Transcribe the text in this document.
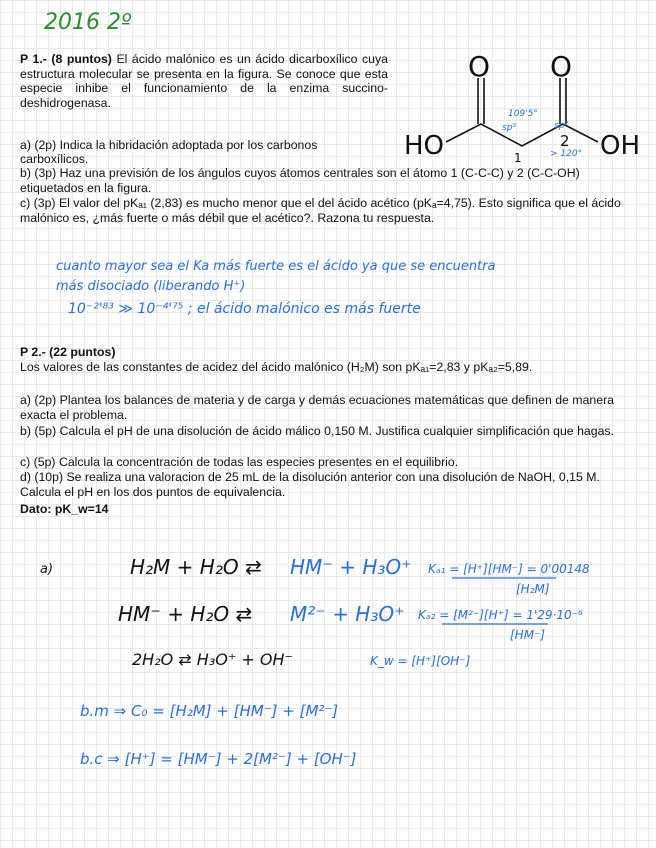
2016 2º

P 1.- (8 puntos) El ácido malónico es un ácido dicarboxílico cuya estructura molecular se presenta en la figura. Se conoce que esta especie inhibe el funcionamiento de la enzima succino-deshidrogenasa.

a) (2p) Indica la hibridación adoptada por los carbonos

carboxílicos.

b) (3p) Haz una previsión de los ángulos cuyos átomos centrales son el átomo 1 (C-C-C) y 2 (C-C-OH) etiquetados en la figura.

c) (3p) El valor del pKₐ₁ (2,83) es mucho menor que el del ácido acético (pKₐ=4,75). Esto significa que el ácido malónico es, ¿más fuerte o más débil que el acético?. Razona tu respuesta.

O O
HO	OH
1
2
sp³	sp²
109'5°
> 120°
cuanto mayor sea el Ka más fuerte es el ácido ya que se encuentra
más disociado (liberando H⁺)
10⁻²'⁸³ ≫ 10⁻⁴'⁷⁵ ; el ácido malónico es más fuerte

P 2.- (22 puntos)

Los valores de las constantes de acidez del ácido malónico (H₂M) son pKₐ₁=2,83 y pKₐ₂=5,89.

a) (2p) Plantea los balances de materia y de carga y demás ecuaciones matemáticas que definen de manera exacta el problema.

b) (5p) Calcula el pH de una disolución de ácido málico 0,150 M. Justifica cualquier simplificación que hagas.

c) (5p) Calcula la concentración de todas las especies presentes en el equilibrio.

d) (10p) Se realiza una valoracion de 25 mL de la disolución anterior con una disolución de NaOH, 0,15 M. Calcula el pH en los dos puntos de equivalencia.

Dato: pK_w=14

a)	H₂M + H₂O ⇄ HM⁻ + H₃O⁺ Kₐ₁ = [H⁺][HM⁻] = 0'00148
[H₂M]
HM⁻ + H₂O ⇄ M²⁻ + H₃O⁺ Kₐ₂ = [M²⁻][H⁺] = 1'29·10⁻⁶
[HM⁻]
2H₂O ⇄ H₃O⁺ + OH⁻	K_w = [H⁺][OH⁻]
b.m ⇒ C₀ = [H₂M] + [HM⁻] + [M²⁻]
b.c ⇒ [H⁺] = [HM⁻] + 2[M²⁻] + [OH⁻]
